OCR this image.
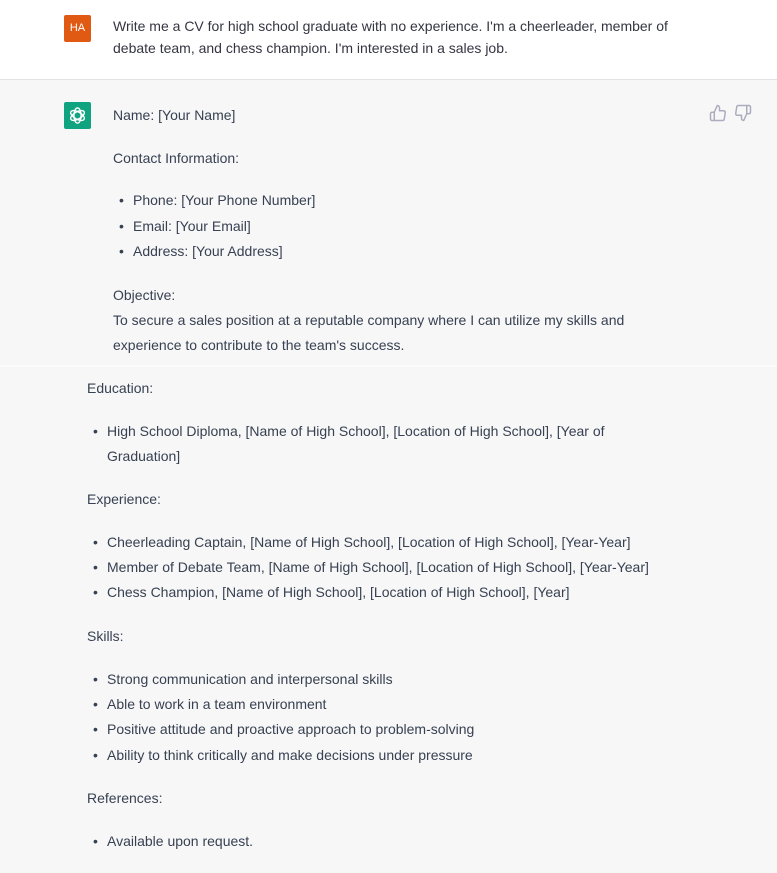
HA	Write me a CV for high school graduate with no experience. I'm a cheerleader, member of debate team, and chess champion. I'm interested in a sales job.

Name: [Your Name]

Contact Information:

• Phone: [Your Phone Number]
• Email: [Your Email]
• Address: [Your Address]

Objective:

To secure a sales position at a reputable company where I can utilize my skills and

experience to contribute to the team's success.

Education:

• High School Diploma, [Name of High School], [Location of High School], [Year of
Graduation]

Experience:

• Cheerleading Captain, [Name of High School], [Location of High School], [Year-Year]
• Member of Debate Team, [Name of High School], [Location of High School], [Year-Year]
• Chess Champion, [Name of High School], [Location of High School], [Year]

Skills:

• Strong communication and interpersonal skills
• Able to work in a team environment
• Positive attitude and proactive approach to problem-solving
• Ability to think critically and make decisions under pressure

References:

• Available upon request.
